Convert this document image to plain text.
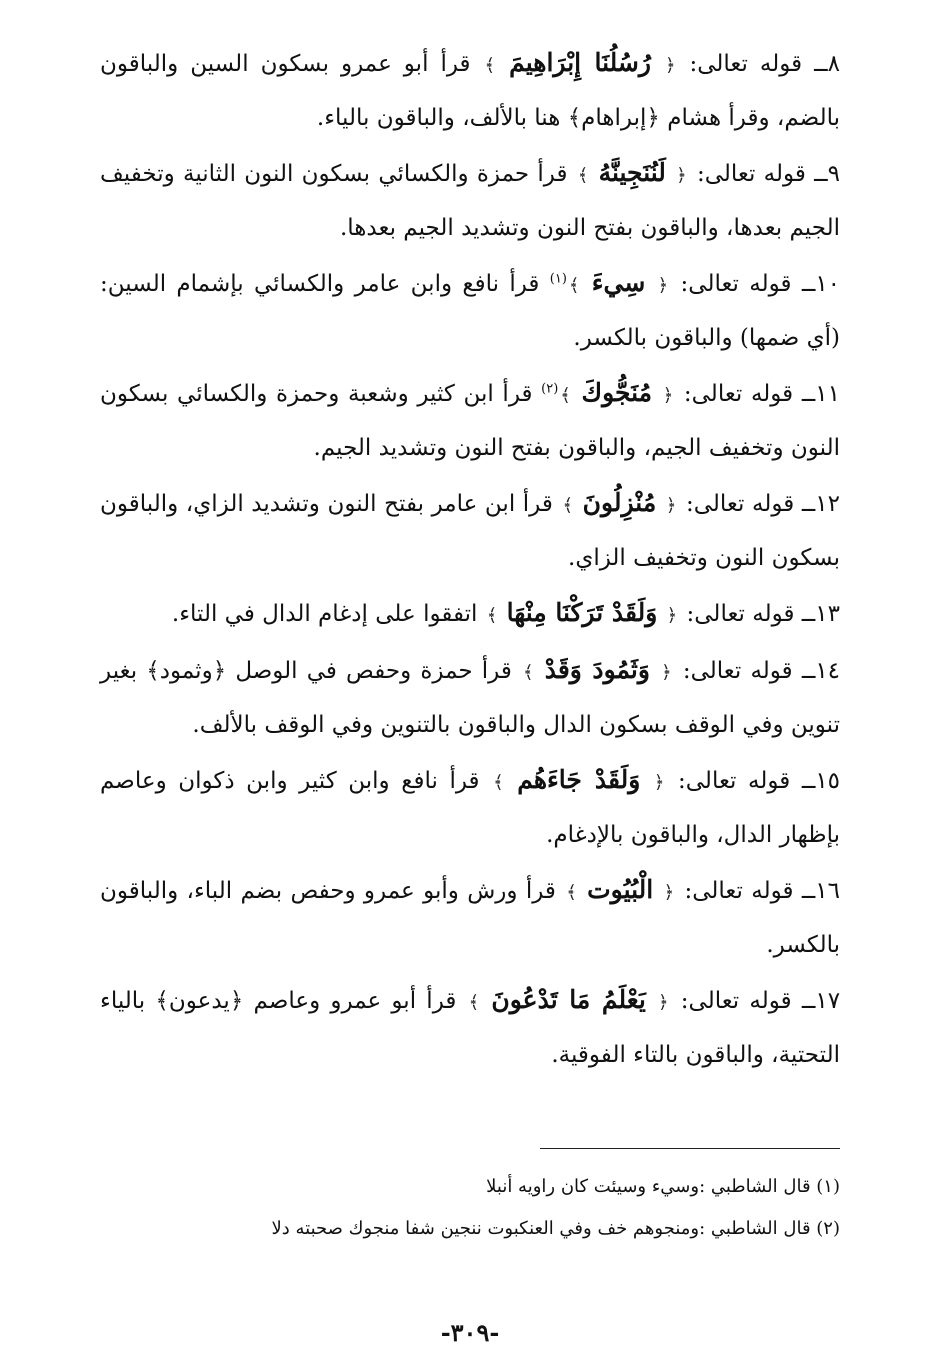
٨ــ قوله تعالى: ﴿ رُسُلُنَا إِبْرَاهِيمَ ﴾ قرأ أبو عمرو بسكون السين والباقون بالضم، وقرأ هشام ﴿إبراهام﴾ هنا بالألف، والباقون بالياء.

٩ــ قوله تعالى: ﴿ لَنُنَجِينَّهُ ﴾ قرأ حمزة والكسائي بسكون النون الثانية وتخفيف الجيم بعدها، والباقون بفتح النون وتشديد الجيم بعدها.

١٠ــ قوله تعالى: ﴿ سِيءَ ﴾$^{(١)}$ قرأ نافع وابن عامر والكسائي بإشمام السين: (أي ضمها) والباقون بالكسر.

١١ــ قوله تعالى: ﴿ مُنَجُّوكَ ﴾$^{(٢)}$ قرأ ابن كثير وشعبة وحمزة والكسائي بسكون النون وتخفيف الجيم، والباقون بفتح النون وتشديد الجيم.

١٢ــ قوله تعالى: ﴿ مُنْزِلُونَ ﴾ قرأ ابن عامر بفتح النون وتشديد الزاي، والباقون بسكون النون وتخفيف الزاي.

١٣ــ قوله تعالى: ﴿ وَلَقَدْ تَرَكْنَا مِنْهَا ﴾ اتفقوا على إدغام الدال في التاء.

١٤ــ قوله تعالى: ﴿ وَثَمُودَ وَقَدْ ﴾ قرأ حمزة وحفص في الوصل ﴿وثمود﴾ بغير تنوين وفي الوقف بسكون الدال والباقون بالتنوين وفي الوقف بالألف.

١٥ــ قوله تعالى: ﴿ وَلَقَدْ جَاءَهُم ﴾ قرأ نافع وابن كثير وابن ذكوان وعاصم بإظهار الدال، والباقون بالإدغام.

١٦ــ قوله تعالى: ﴿ الْبُيُوت ﴾ قرأ ورش وأبو عمرو وحفص بضم الباء، والباقون بالكسر.

١٧ــ قوله تعالى: ﴿ يَعْلَمُ مَا تَدْعُونَ ﴾ قرأ أبو عمرو وعاصم ﴿يدعون﴾ بالياء التحتية، والباقون بالتاء الفوقية.

(١) قال الشاطبي :وسيء وسيئت كان راويه أنبلا

(٢) قال الشاطبي :ومنجوهم خف وفي العنكبوت ننجين شفا منجوك صحبته دلا

-٣٠٩-
